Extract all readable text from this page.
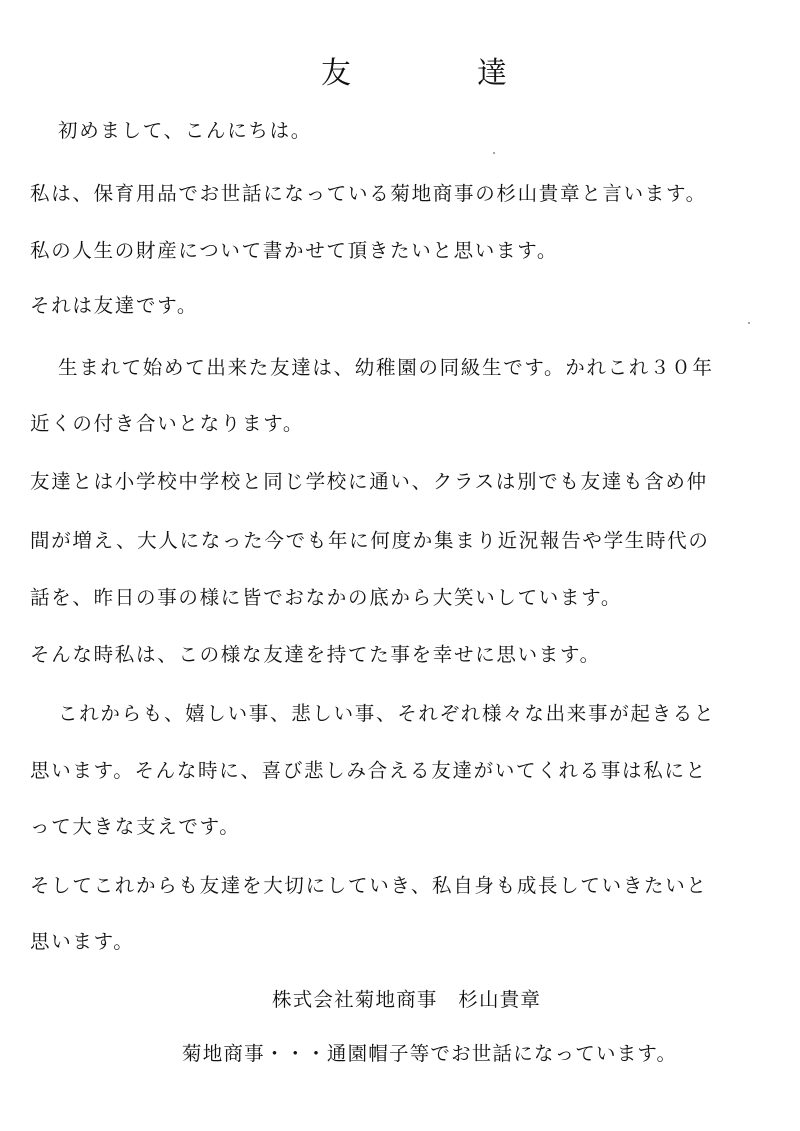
友　達
初めまして、こんにちは。
私は、保育用品でお世話になっている菊地商事の杉山貴章と言います。
私の人生の財産について書かせて頂きたいと思います。
それは友達です。
生まれて始めて出来た友達は、幼稚園の同級生です。かれこれ３０年
近くの付き合いとなります。
友達とは小学校中学校と同じ学校に通い、クラスは別でも友達も含め仲
間が増え、大人になった今でも年に何度か集まり近況報告や学生時代の
話を、昨日の事の様に皆でおなかの底から大笑いしています。
そんな時私は、この様な友達を持てた事を幸せに思います。
これからも、嬉しい事、悲しい事、それぞれ様々な出来事が起きると
思います。そんな時に、喜び悲しみ合える友達がいてくれる事は私にと
って大きな支えです。
そしてこれからも友達を大切にしていき、私自身も成長していきたいと
思います。
株式会社菊地商事　杉山貴章
菊地商事・・・通園帽子等でお世話になっています。
